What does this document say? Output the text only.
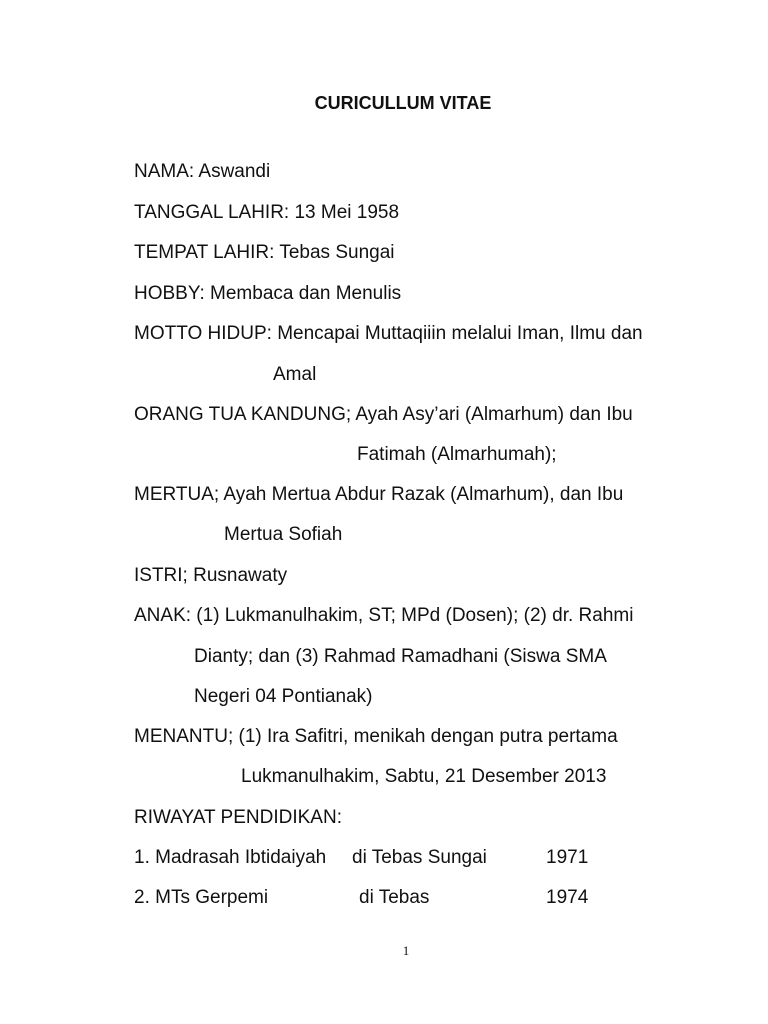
CURICULLUM VITAE
NAMA: Aswandi
TANGGAL LAHIR: 13 Mei 1958
TEMPAT LAHIR: Tebas Sungai
HOBBY: Membaca dan Menulis
MOTTO HIDUP: Mencapai Muttaqiiin melalui Iman, Ilmu dan
Amal
ORANG TUA KANDUNG; Ayah Asy’ari (Almarhum) dan Ibu
Fatimah (Almarhumah);
MERTUA; Ayah Mertua Abdur Razak (Almarhum), dan Ibu
Mertua Sofiah
ISTRI; Rusnawaty
ANAK: (1) Lukmanulhakim, ST; MPd (Dosen); (2) dr. Rahmi
Dianty; dan (3) Rahmad Ramadhani (Siswa SMA
Negeri 04 Pontianak)
MENANTU; (1) Ira Safitri, menikah dengan putra pertama
Lukmanulhakim, Sabtu, 21 Desember 2013
RIWAYAT PENDIDIKAN:
1. Madrasah Ibtidaiyah di Tebas Sungai	1971
2. MTs Gerpemi	di Tebas	1974
1
